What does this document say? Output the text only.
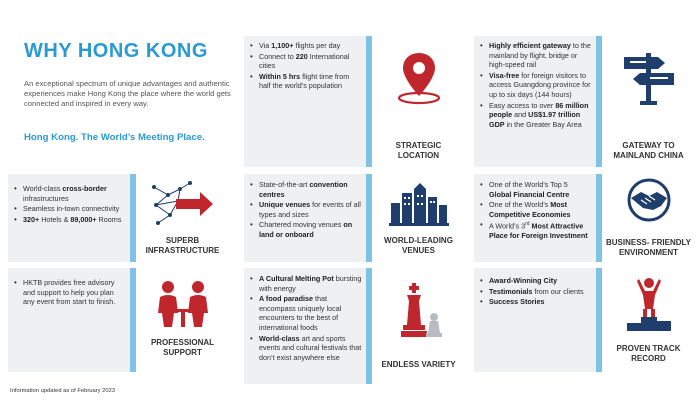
WHY HONG KONG

An exceptional spectrum of unique advantages and authentic experiences make Hong Kong the place where the world gets connected and inspired in every way.

Hong Kong. The World’s Meeting Place.
• Via 1,100+ flights per day
• Connect to 220 International cities
• Within 5 hrs flight time from half the world’s population
STRATEGIC LOCATION
• Highly efficient gateway to the mainland by flight, bridge or high-speed rail
• Visa-free for foreign visitors to access Guangdong province for up to six days (144 hours)
• Easy access to over 86 million people and US$1.97 trillion GDP in the Greater Bay Area
GATEWAY TO MAINLAND CHINA
• World-class cross-border infrastructures
• Seamless in-town connectivity
• 320+ Hotels & 89,000+ Rooms
SUPERB INFRASTRUCTURE
• State-of-the-art convention centres
• Unique venues for events of all types and sizes
• Chartered moving venues on land or onboard
WORLD-LEADING VENUES
• One of the World’s Top 5 Global Financial Centre
• One of the World’s Most Competitive Economies
• A World’s 3rd Most Attractive Place for Foreign Investment
BUSINESS- FRIENDLY ENVIRONMENT
• HKTB provides free advisory and support to help you plan any event from start to finish.
PROFESSIONAL SUPPORT
• A Cultural Melting Pot bursting with energy
• A food paradise that encompass uniquely local encounters to the best of international foods
• World-class art and sports events and cultural festivals that don’t exist anywhere else
ENDLESS VARIETY
• Award-Winning City
• Testimonials from our clients
• Success Stories
PROVEN TRACK RECORD
Information updated as of February 2023
